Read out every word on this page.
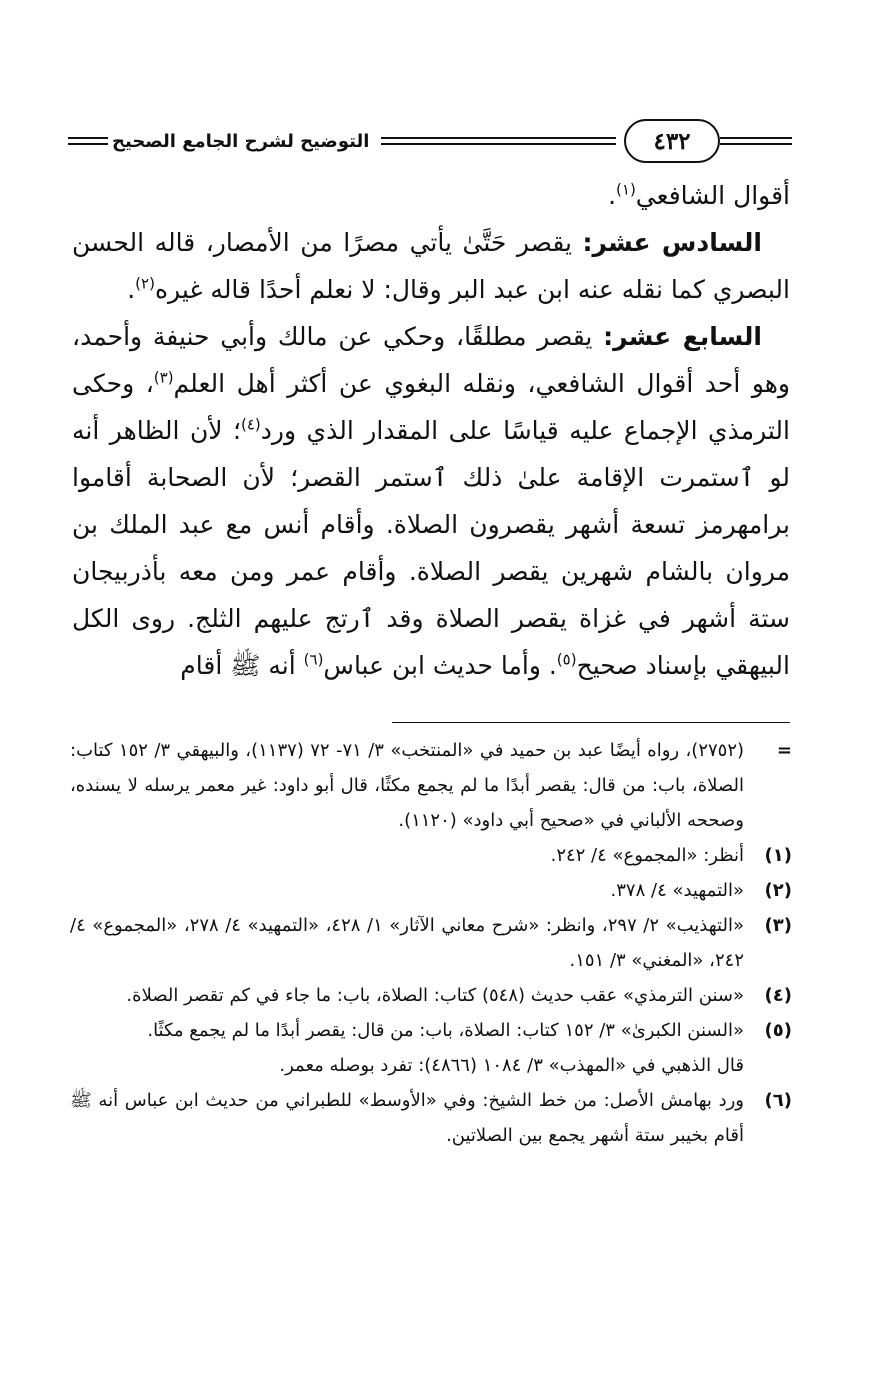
٤٣٢
التوضيح لشرح الجامع الصحيح

أقوال الشافعي$^{(١)}$.

السادس عشر: يقصر حَتَّىٰ يأتي مصرًا من الأمصار، قاله الحسن البصري كما نقله عنه ابن عبد البر وقال: لا نعلم أحدًا قاله غيره$^{(٢)}$.

السابع عشر: يقصر مطلقًا، وحكي عن مالك وأبي حنيفة وأحمد، وهو أحد أقوال الشافعي، ونقله البغوي عن أكثر أهل العلم$^{(٣)}$، وحكى الترمذي الإجماع عليه قياسًا على المقدار الذي ورد$^{(٤)}$؛ لأن الظاهر أنه لو ٱستمرت الإقامة علىٰ ذلك ٱستمر القصر؛ لأن الصحابة أقاموا برامهرمز تسعة أشهر يقصرون الصلاة. وأقام أنس مع عبد الملك بن مروان بالشام شهرين يقصر الصلاة. وأقام عمر ومن معه بأذربيجان ستة أشهر في غزاة يقصر الصلاة وقد ٱرتج عليهم الثلج. روى الكل البيهقي بإسناد صحيح$^{(٥)}$. وأما حديث ابن عباس$^{(٦)}$ أنه ﷺ أقام

=
(٢٧٥٢)، رواه أيضًا عبد بن حميد في «المنتخب» ٣/ ٧١- ٧٢ (١١٣٧)، والبيهقي ٣/ ١٥٢ كتاب: الصلاة، باب: من قال: يقصر أبدًا ما لم يجمع مكثًا، قال أبو داود: غير معمر يرسله لا يسنده، وصححه الألباني في «صحيح أبي داود» (١١٢٠).
(١)
أنظر: «المجموع» ٤/ ٢٤٢.
(٢)
«التمهيد» ٤/ ٣٧٨.
(٣)
«التهذيب» ٢/ ٢٩٧، وانظر: «شرح معاني الآثار» ١/ ٤٢٨، «التمهيد» ٤/ ٢٧٨، «المجموع» ٤/ ٢٤٢، «المغني» ٣/ ١٥١.
(٤)
«سنن الترمذي» عقب حديث (٥٤٨) كتاب: الصلاة، باب: ما جاء في كم تقصر الصلاة.
(٥)
«السنن الكبرىٰ» ٣/ ١٥٢ كتاب: الصلاة، باب: من قال: يقصر أبدًا ما لم يجمع مكثًا.
قال الذهبي في «المهذب» ٣/ ١٠٨٤ (٤٨٦٦): تفرد بوصله معمر.
(٦)
ورد بهامش الأصل: من خط الشيخ: وفي «الأوسط» للطبراني من حديث ابن عباس أنه ﷺ أقام بخيبر ستة أشهر يجمع بين الصلاتين.
